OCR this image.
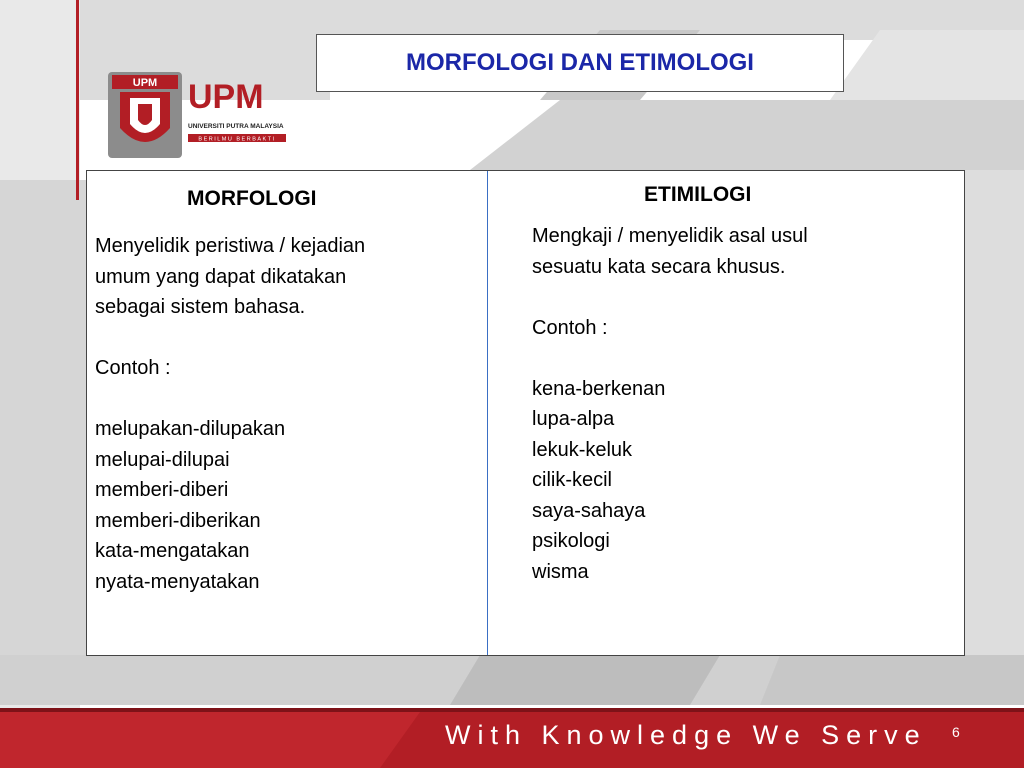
MORFOLOGI DAN ETIMOLOGI
UPM UPM
UNIVERSITI PUTRA MALAYSIA
BERILMU BERBAKTI
MORFOLOGI
Menyelidik peristiwa / kejadian
umum yang dapat dikatakan
sebagai sistem bahasa.
Contoh :
melupakan-dilupakan
melupai-dilupai
memberi-diberi
memberi-diberikan
kata-mengatakan
nyata-menyatakan
ETIMILOGI
Mengkaji / menyelidik asal usul
sesuatu kata secara khusus.
Contoh :
kena-berkenan
lupa-alpa
lekuk-keluk
cilik-kecil
saya-sahaya
psikologi
wisma
With Knowledge We Serve 6
